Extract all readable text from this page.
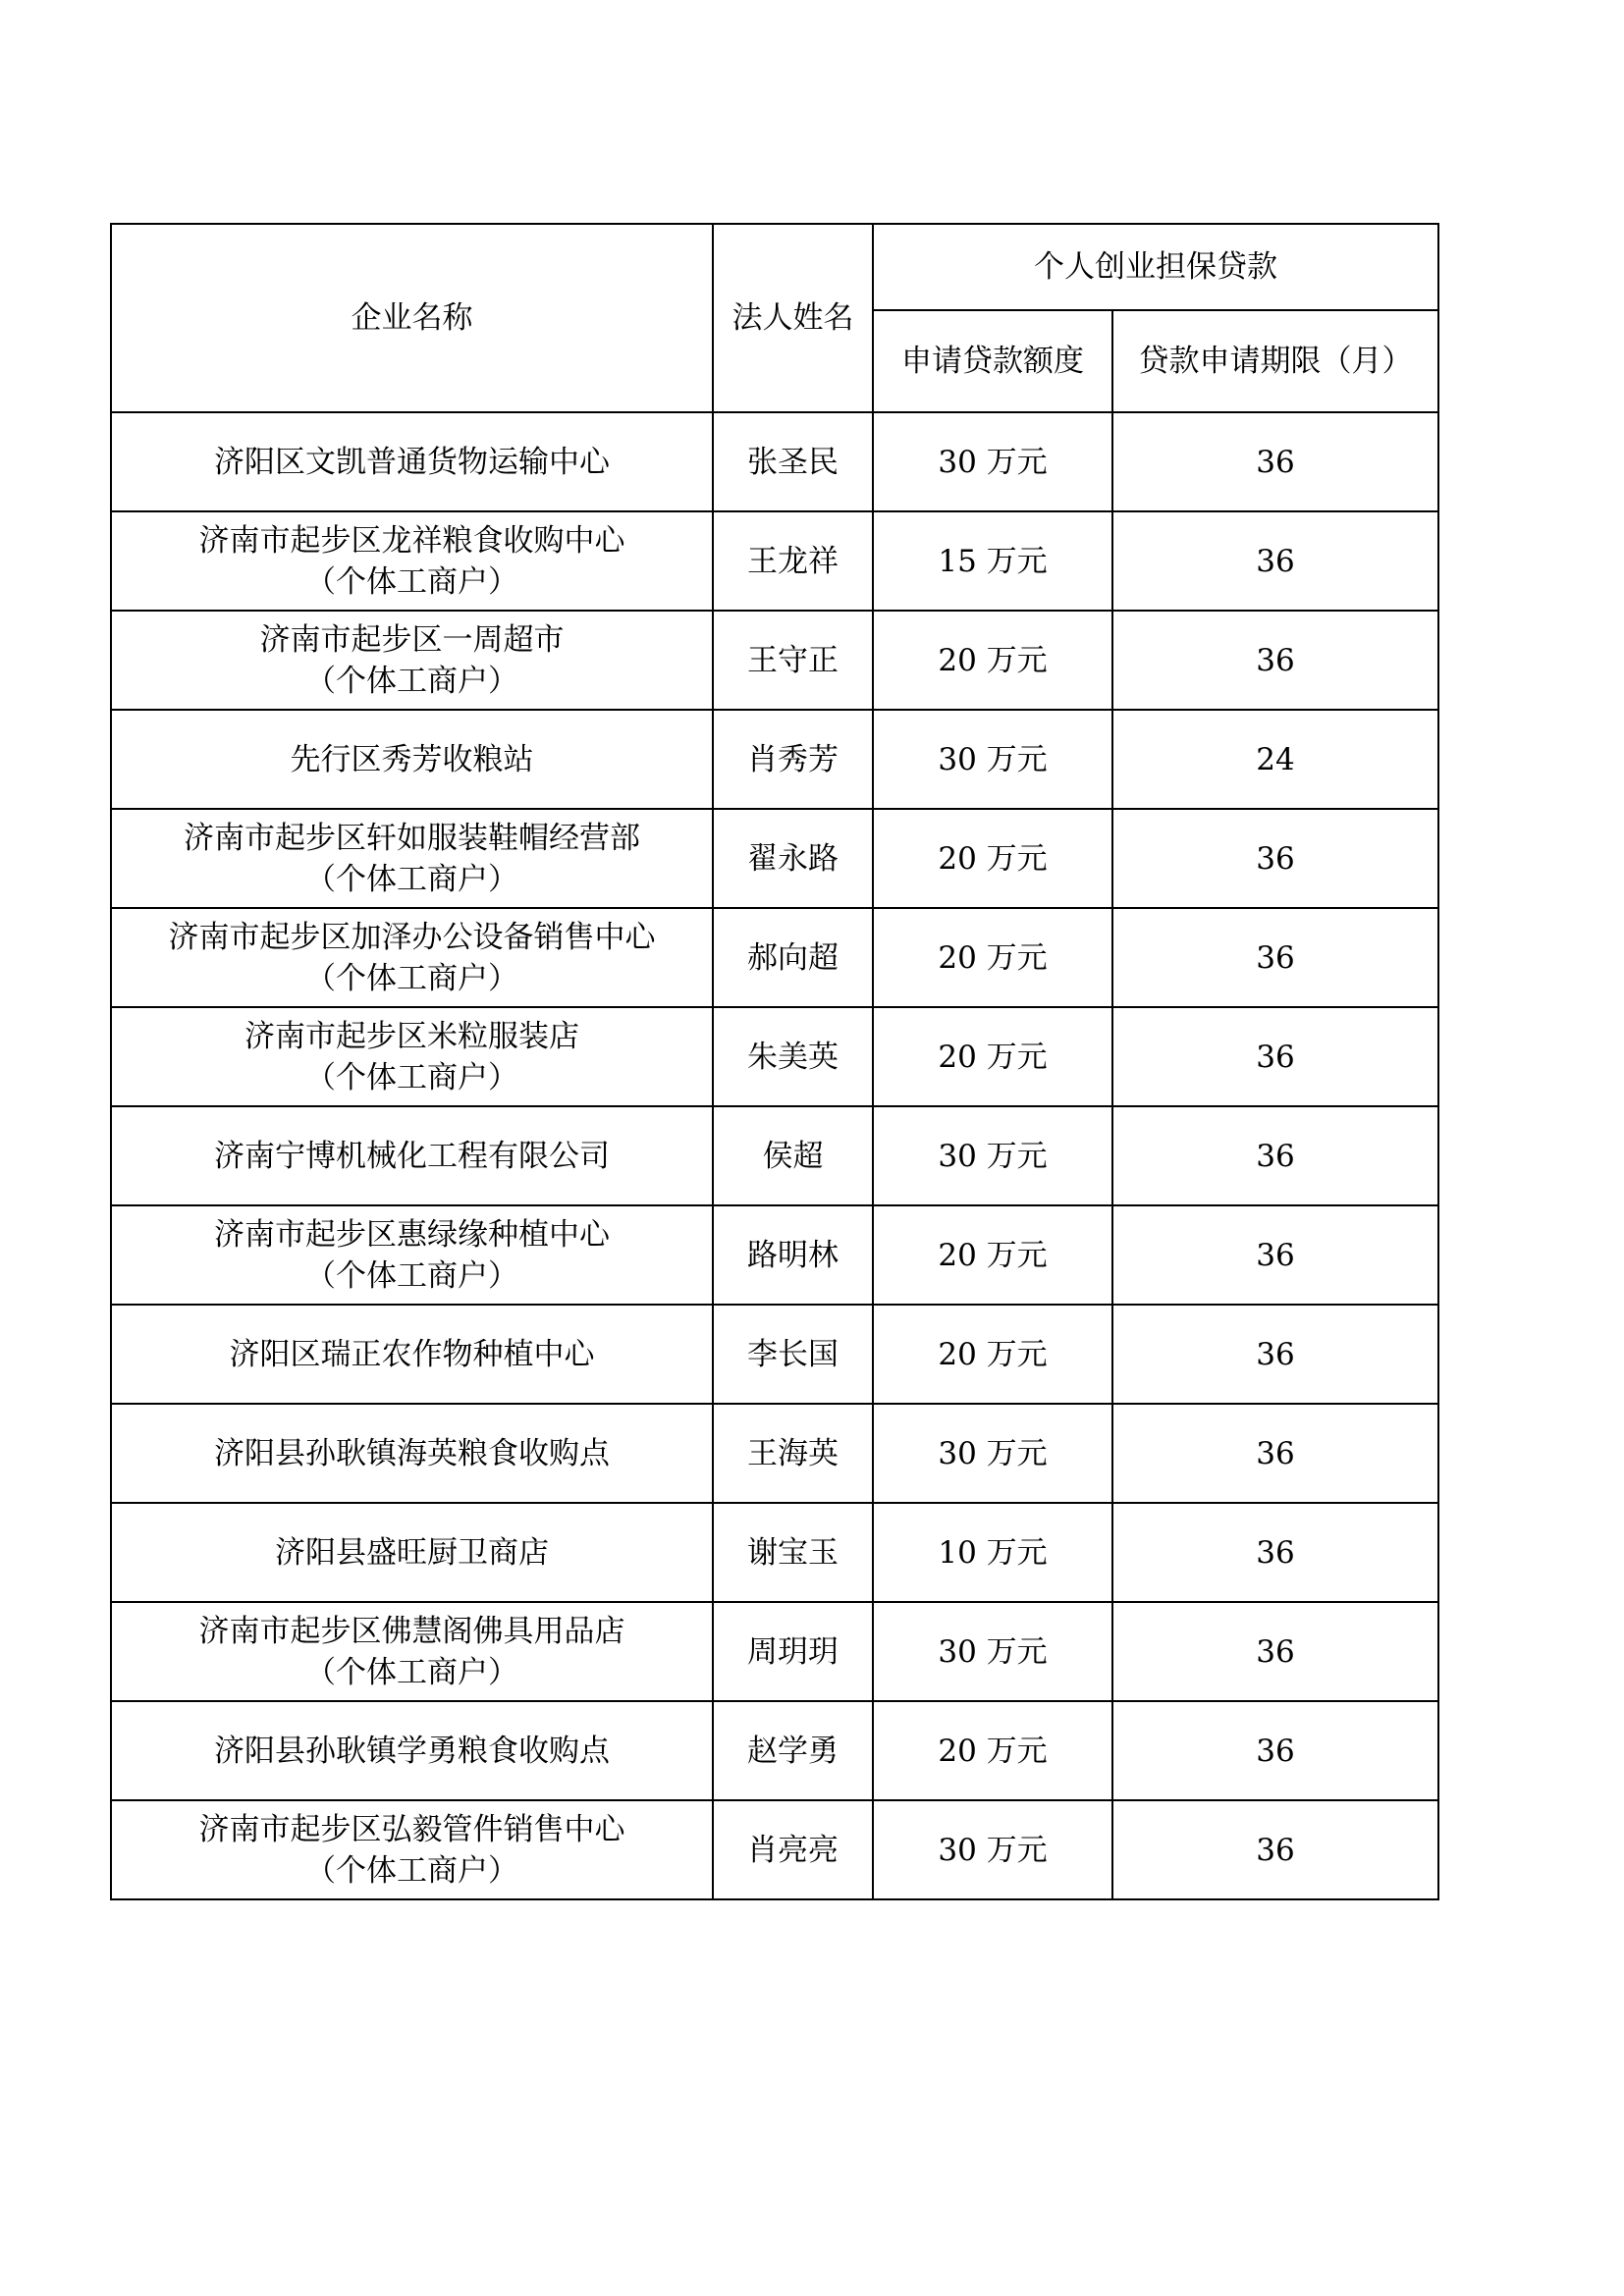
企业名称	法人姓名	个人创业担保贷款	
		申请贷款额度	贷款申请期限（月）

济阳区文凯普通货物运输中心	张圣民	30 万元	36

济南市起步区龙祥粮食收购中心
（个体工商户）	王龙祥	15 万元	36

济南市起步区一周超市
（个体工商户）	王守正	20 万元	36

先行区秀芳收粮站	肖秀芳	30 万元	24

济南市起步区轩如服装鞋帽经营部
（个体工商户）	翟永路	20 万元	36

济南市起步区加泽办公设备销售中心
（个体工商户）	郝向超	20 万元	36

济南市起步区米粒服装店
（个体工商户）	朱美英	20 万元	36

济南宁博机械化工程有限公司	侯超	30 万元	36

济南市起步区惠绿缘种植中心
（个体工商户）	路明林	20 万元	36

济阳区瑞正农作物种植中心	李长国	20 万元	36

济阳县孙耿镇海英粮食收购点	王海英	30 万元	36

济阳县盛旺厨卫商店	谢宝玉	10 万元	36

济南市起步区佛慧阁佛具用品店
（个体工商户）	周玥玥	30 万元	36

济阳县孙耿镇学勇粮食收购点	赵学勇	20 万元	36

济南市起步区弘毅管件销售中心
（个体工商户）	肖亮亮	30 万元	36
